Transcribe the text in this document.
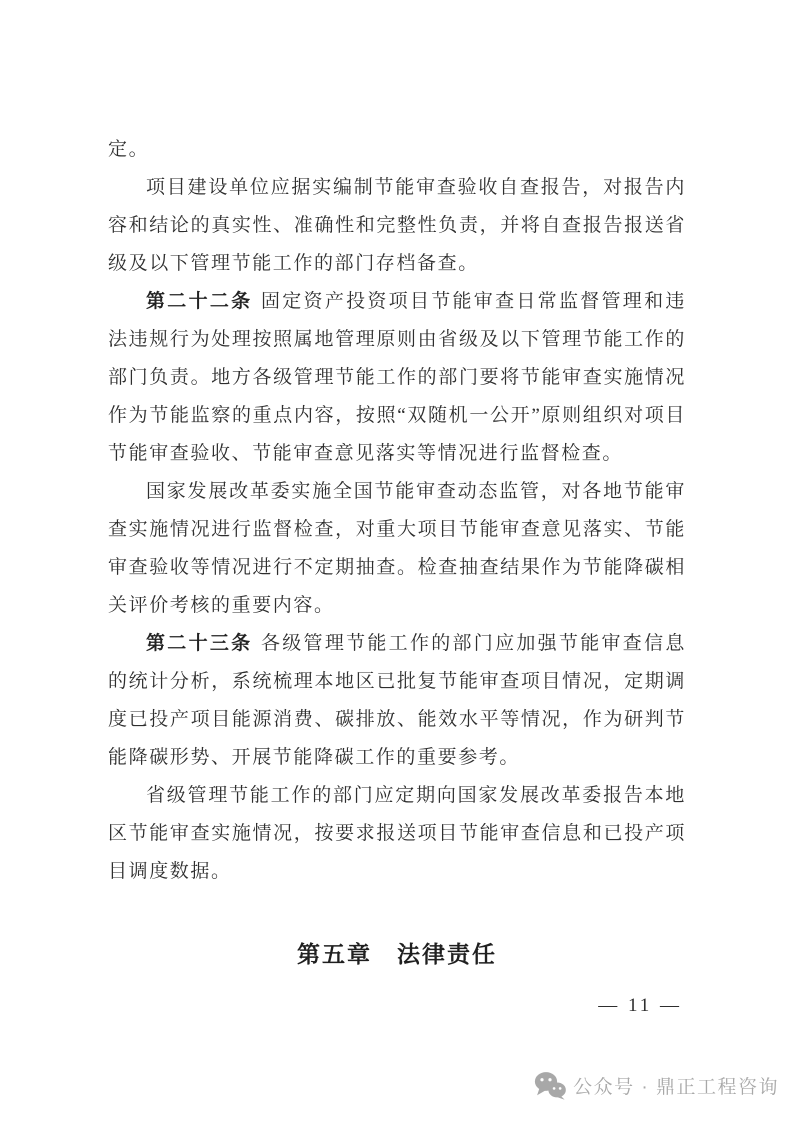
定。

项目建设单位应据实编制节能审查验收自查报告，对报告内容和结论的真实性、准确性和完整性负责，并将自查报告报送省级及以下管理节能工作的部门存档备查。

第二十二条 固定资产投资项目节能审查日常监督管理和违法违规行为处理按照属地管理原则由省级及以下管理节能工作的部门负责。地方各级管理节能工作的部门要将节能审查实施情况作为节能监察的重点内容，按照“双随机一公开”原则组织对项目节能审查验收、节能审查意见落实等情况进行监督检查。

国家发展改革委实施全国节能审查动态监管，对各地节能审查实施情况进行监督检查，对重大项目节能审查意见落实、节能审查验收等情况进行不定期抽查。检查抽查结果作为节能降碳相关评价考核的重要内容。

第二十三条 各级管理节能工作的部门应加强节能审查信息的统计分析，系统梳理本地区已批复节能审查项目情况，定期调度已投产项目能源消费、碳排放、能效水平等情况，作为研判节能降碳形势、开展节能降碳工作的重要参考。

省级管理节能工作的部门应定期向国家发展改革委报告本地区节能审查实施情况，按要求报送项目节能审查信息和已投产项目调度数据。

第五章　法律责任
— 11 —
公众号 · 鼎正工程咨询
